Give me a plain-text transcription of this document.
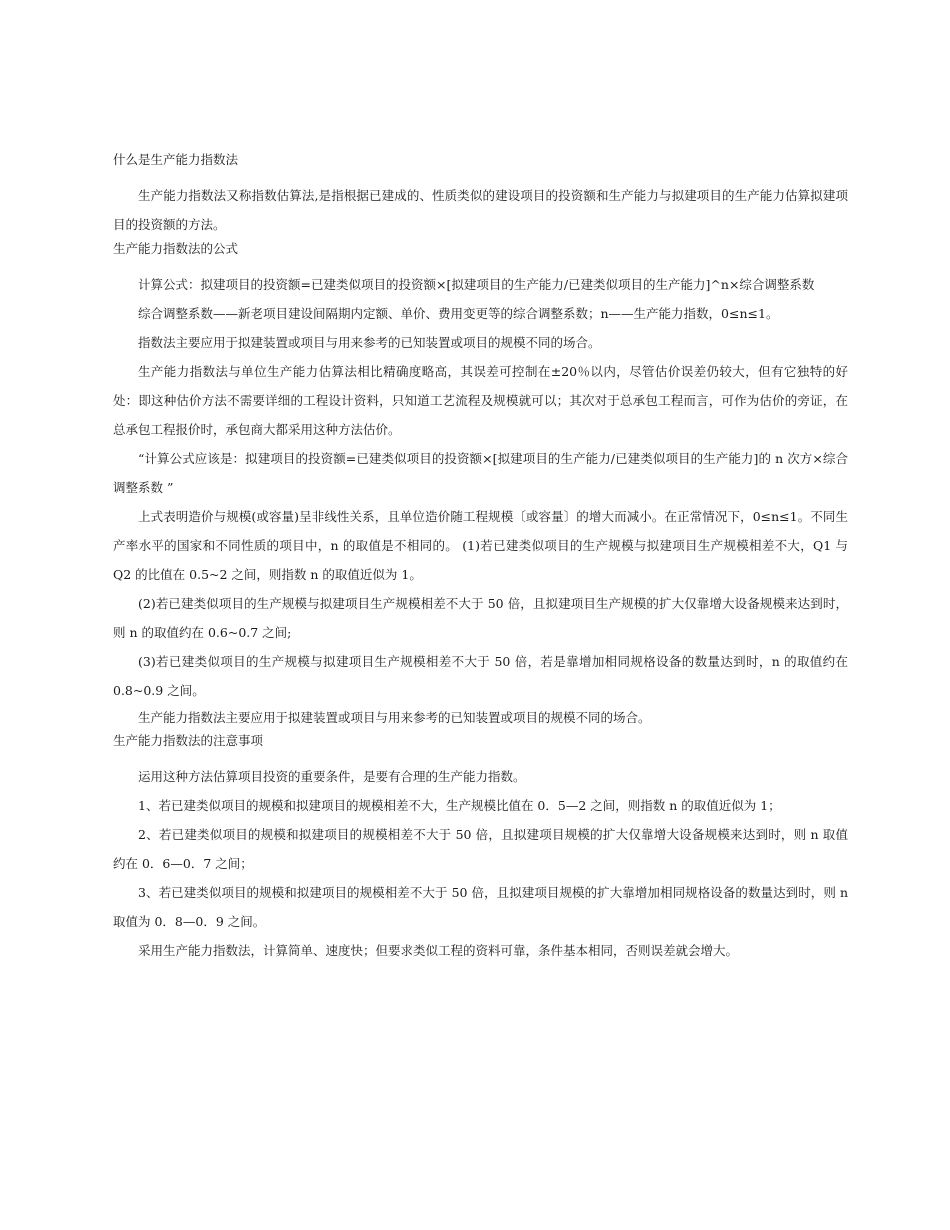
什么是生产能力指数法

生产能力指数法又称指数估算法,是指根据已建成的、性质类似的建设项目的投资额和生产能力与拟建项目的生产能力估算拟建项目的投资额的方法。

生产能力指数法的公式

计算公式：拟建项目的投资额=已建类似项目的投资额×[拟建项目的生产能力/已建类似项目的生产能力]^n×综合调整系数

综合调整系数——新老项目建设间隔期内定额、单价、费用变更等的综合调整系数；n——生产能力指数，0≤n≤1。

指数法主要应用于拟建装置或项目与用来参考的已知装置或项目的规模不同的场合。

生产能力指数法与单位生产能力估算法相比精确度略高，其误差可控制在±20％以内，尽管估价误差仍较大，但有它独特的好处：即这种估价方法不需要详细的工程设计资料，只知道工艺流程及规模就可以；其次对于总承包工程而言，可作为估价的旁证，在总承包工程报价时，承包商大都采用这种方法估价。

“计算公式应该是：拟建项目的投资额=已建类似项目的投资额×[拟建项目的生产能力/已建类似项目的生产能力]的 n 次方×综合调整系数 ”

上式表明造价与规模(或容量)呈非线性关系，且单位造价随工程规模〔或容量〕的增大而减小。在正常情况下，0≤n≤1。不同生产率水平的国家和不同性质的项目中，n 的取值是不相同的。 (1)若已建类似项目的生产规模与拟建项目生产规模相差不大，Q1 与 Q2 的比值在 0.5~2 之间，则指数 n 的取值近似为 1。

(2)若已建类似项目的生产规模与拟建项目生产规模相差不大于 50 倍，且拟建项目生产规模的扩大仅靠增大设备规模来达到时，则 n 的取值约在 0.6~0.7 之间;

(3)若已建类似项目的生产规模与拟建项目生产规模相差不大于 50 倍，若是靠增加相同规格设备的数量达到时，n 的取值约在 0.8~0.9 之间。

生产能力指数法主要应用于拟建装置或项目与用来参考的已知装置或项目的规模不同的场合。

生产能力指数法的注意事项

运用这种方法估算项目投资的重要条件，是要有合理的生产能力指数。

1、若已建类似项目的规模和拟建项目的规模相差不大，生产规模比值在 0．5—2 之间，则指数 n 的取值近似为 1；

2、若已建类似项目的规模和拟建项目的规模相差不大于 50 倍，且拟建项目规模的扩大仅靠增大设备规模来达到时，则 n 取值约在 0．6—0．7 之间；

3、若已建类似项目的规模和拟建项目的规模相差不大于 50 倍，且拟建项目规模的扩大靠增加相同规格设备的数量达到时，则 n 取值为 0．8—0．9 之间。

采用生产能力指数法，计算简单、速度快；但要求类似工程的资料可靠，条件基本相同，否则误差就会增大。
